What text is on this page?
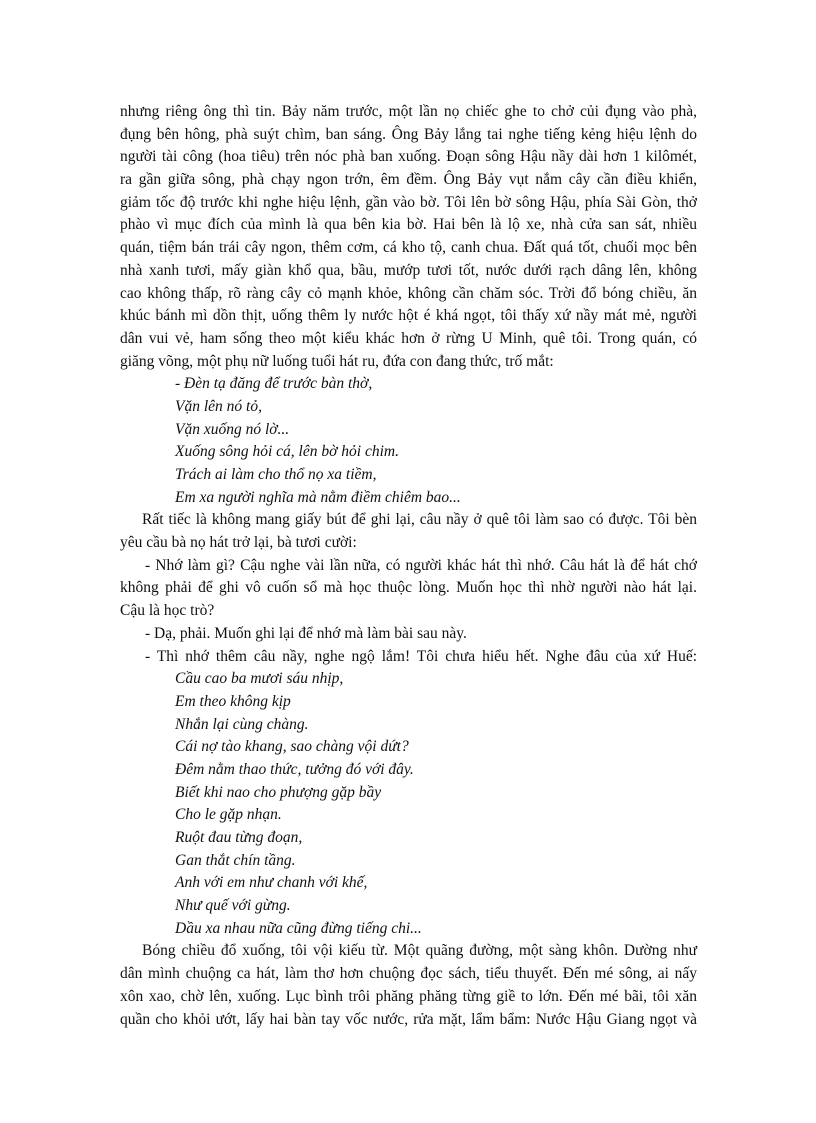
nhưng riêng ông thì tin. Bảy năm trước, một lần nọ chiếc ghe to chở củi đụng vào phà,
đụng bên hông, phà suýt chìm, ban sáng. Ông Bảy lắng tai nghe tiếng kẻng hiệu lệnh do
người tài công (hoa tiêu) trên nóc phà ban xuống. Đoạn sông Hậu nầy dài hơn 1 kilômét,
ra gần giữa sông, phà chạy ngon trớn, êm đềm. Ông Bảy vụt nắm cây cần điều khiển,
giảm tốc độ trước khi nghe hiệu lệnh, gần vào bờ. Tôi lên bờ sông Hậu, phía Sài Gòn, thở
phào vì mục đích của mình là qua bên kia bờ. Hai bên là lộ xe, nhà cửa san sát, nhiều
quán, tiệm bán trái cây ngon, thêm cơm, cá kho tộ, canh chua. Đất quá tốt, chuối mọc bên
nhà xanh tươi, mấy giàn khổ qua, bầu, mướp tươi tốt, nước dưới rạch dâng lên, không
cao không thấp, rõ ràng cây cỏ mạnh khỏe, không cần chăm sóc. Trời đổ bóng chiều, ăn
khúc bánh mì dồn thịt, uống thêm ly nước hột é khá ngọt, tôi thấy xứ nầy mát mẻ, người
dân vui vẻ, ham sống theo một kiểu khác hơn ở rừng U Minh, quê tôi. Trong quán, có
giăng võng, một phụ nữ luống tuổi hát ru, đứa con đang thức, trố mắt:
- Đèn tạ đăng để trước bàn thờ,
Vặn lên nó tỏ,
Vặn xuống nó lờ...
Xuống sông hỏi cá, lên bờ hỏi chim.
Trách ai làm cho thổ nọ xa tiềm,
Em xa người nghĩa mà nằm điềm chiêm bao...
Rất tiếc là không mang giấy bút để ghi lại, câu nầy ở quê tôi làm sao có được. Tôi bèn
yêu cầu bà nọ hát trở lại, bà tươi cười:
- Nhớ làm gì? Cậu nghe vài lần nữa, có người khác hát thì nhớ. Câu hát là để hát chớ
không phải để ghi vô cuốn sổ mà học thuộc lòng. Muốn học thì nhờ người nào hát lại.
Cậu là học trò?
- Dạ, phải. Muốn ghi lại để nhớ mà làm bài sau này.
- Thì nhớ thêm câu nầy, nghe ngộ lắm! Tôi chưa hiểu hết. Nghe đâu của xứ Huế:
Cầu cao ba mươi sáu nhịp,
Em theo không kịp
Nhắn lại cùng chàng.
Cái nợ tào khang, sao chàng vội dứt?
Đêm nằm thao thức, tưởng đó với đây.
Biết khi nao cho phượng gặp bầy
Cho le gặp nhạn.
Ruột đau từng đoạn,
Gan thắt chín tầng.
Anh với em như chanh với khế,
Như quế với gừng.
Dầu xa nhau nữa cũng đừng tiếng chi...
Bóng chiều đổ xuống, tôi vội kiếu từ. Một quãng đường, một sàng khôn. Dường như
dân mình chuộng ca hát, làm thơ hơn chuộng đọc sách, tiểu thuyết. Đến mé sông, ai nấy
xôn xao, chờ lên, xuống. Lục bình trôi phăng phăng từng giề to lớn. Đến mé bãi, tôi xăn
quần cho khỏi ướt, lấy hai bàn tay vốc nước, rửa mặt, lẩm bẩm: Nước Hậu Giang ngọt và
